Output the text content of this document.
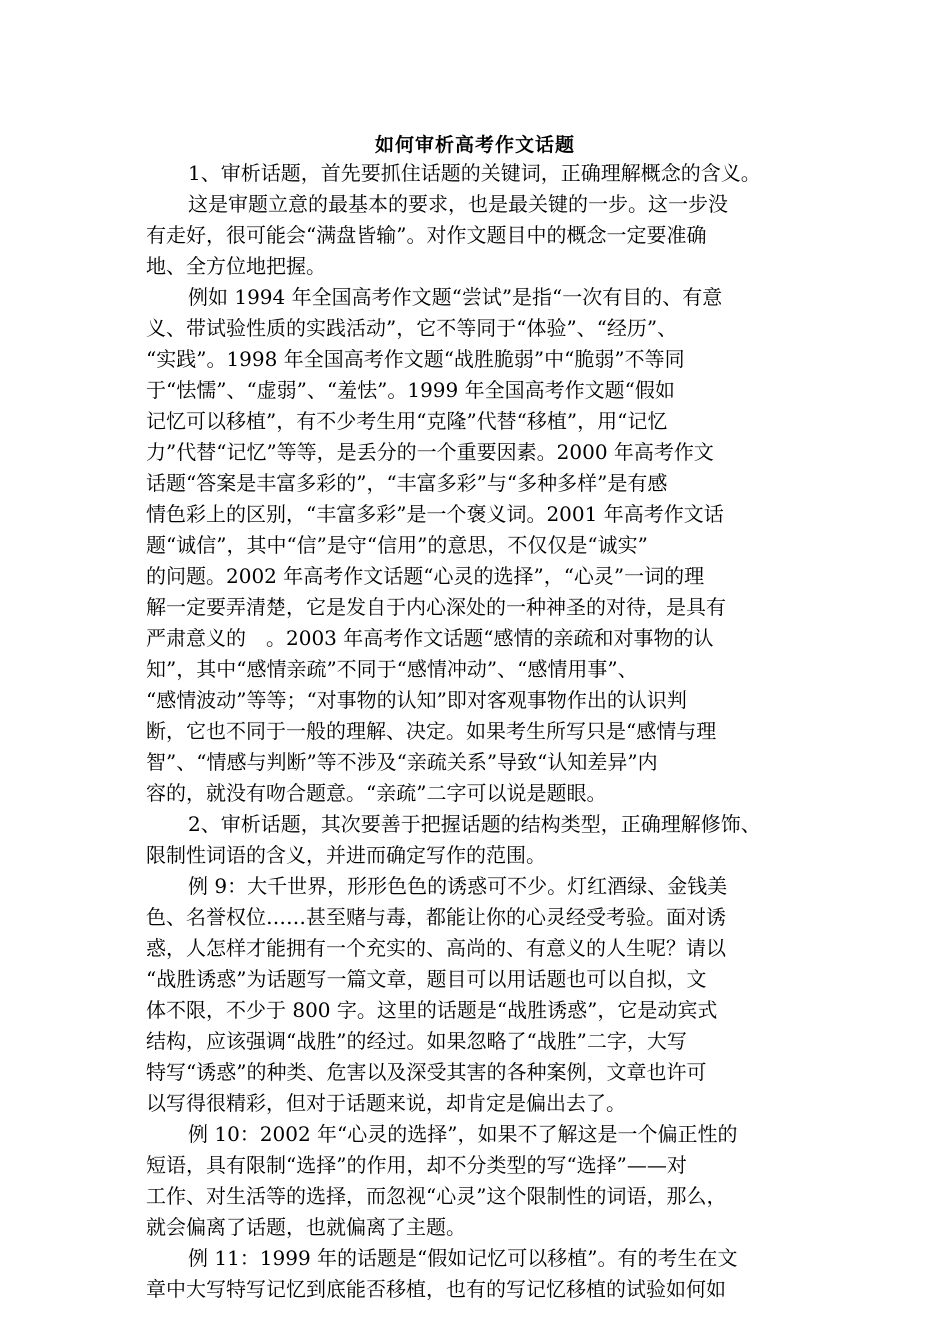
如何审析高考作文话题
1、审析话题，首先要抓住话题的关键词，正确理解概念的含义。
这是审题立意的最基本的要求，也是最关键的一步。这一步没
有走好，很可能会“满盘皆输”。对作文题目中的概念一定要准确
地、全方位地把握。
例如 1994 年全国高考作文题“尝试”是指“一次有目的、有意
义、带试验性质的实践活动”，它不等同于“体验”、“经历”、
“实践”。1998 年全国高考作文题“战胜脆弱”中“脆弱”不等同
于“怯懦”、“虚弱”、“羞怯”。1999 年全国高考作文题“假如
记忆可以移植”，有不少考生用“克隆”代替“移植”，用“记忆
力”代替“记忆”等等，是丢分的一个重要因素。2000 年高考作文
话题“答案是丰富多彩的”，“丰富多彩”与“多种多样”是有感
情色彩上的区别，“丰富多彩”是一个褒义词。2001 年高考作文话
题“诚信”，其中“信”是守“信用”的意思，不仅仅是“诚实”
的问题。2002 年高考作文话题“心灵的选择”，“心灵”一词的理
解一定要弄清楚，它是发自于内心深处的一种神圣的对待，是具有
严肃意义的　。2003 年高考作文话题“感情的亲疏和对事物的认
知”，其中“感情亲疏”不同于“感情冲动”、“感情用事”、
“感情波动”等等；“对事物的认知”即对客观事物作出的认识判
断，它也不同于一般的理解、决定。如果考生所写只是“感情与理
智”、“情感与判断”等不涉及“亲疏关系”导致“认知差异”内
容的，就没有吻合题意。“亲疏”二字可以说是题眼。
2、审析话题，其次要善于把握话题的结构类型，正确理解修饰、
限制性词语的含义，并进而确定写作的范围。
例 9：大千世界，形形色色的诱惑可不少。灯红酒绿、金钱美
色、名誉权位……甚至赌与毒，都能让你的心灵经受考验。面对诱
惑，人怎样才能拥有一个充实的、高尚的、有意义的人生呢？请以
“战胜诱惑”为话题写一篇文章，题目可以用话题也可以自拟，文
体不限，不少于 800 字。这里的话题是“战胜诱惑”，它是动宾式
结构，应该强调“战胜”的经过。如果忽略了“战胜”二字，大写
特写“诱惑”的种类、危害以及深受其害的各种案例，文章也许可
以写得很精彩，但对于话题来说，却肯定是偏出去了。
例 10：2002 年“心灵的选择”，如果不了解这是一个偏正性的
短语，具有限制“选择”的作用，却不分类型的写“选择”——对
工作、对生活等的选择，而忽视“心灵”这个限制性的词语，那么，
就会偏离了话题，也就偏离了主题。
例 11：1999 年的话题是“假如记忆可以移植”。有的考生在文
章中大写特写记忆到底能否移植，也有的写记忆移植的试验如何如
